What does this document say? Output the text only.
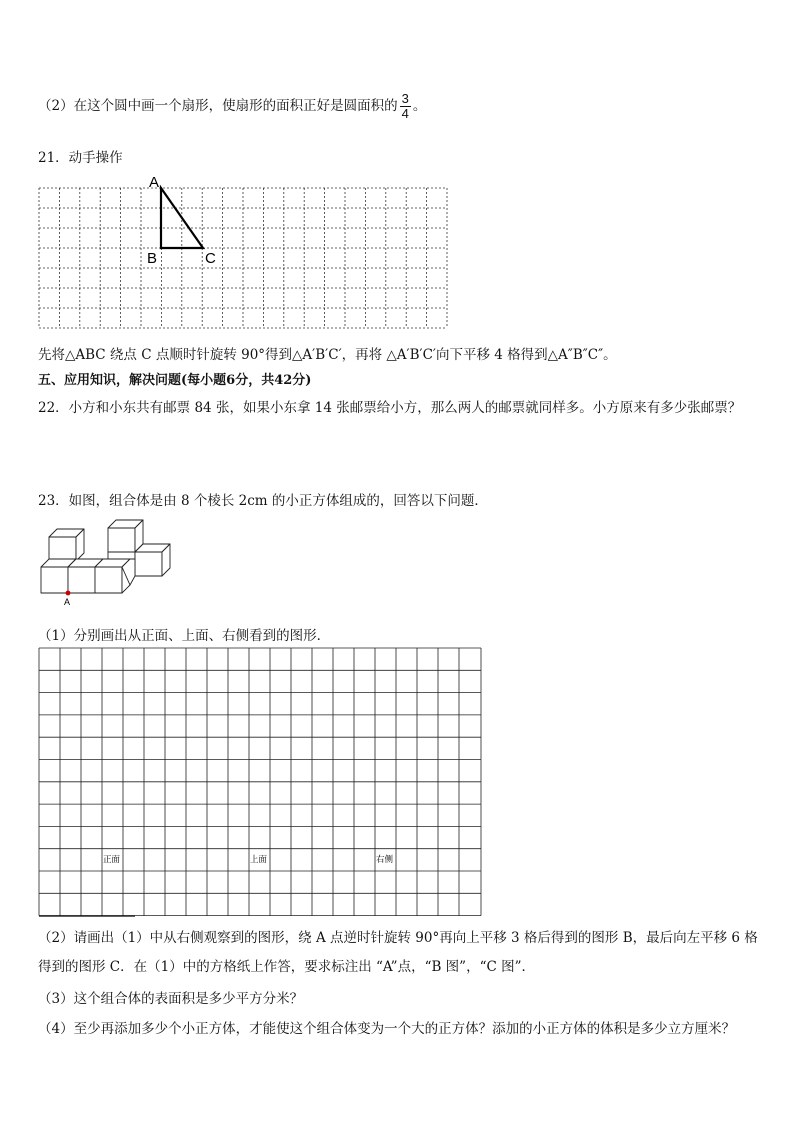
（2）在这个圆中画一个扇形，使扇形的面积正好是圆面积的 $\frac{3}{4}$ 。
21．动手操作
A
B	C
先将△ABC 绕点 C 点顺时针旋转 90°得到△A′B′C′，再将 △A′B′C′向下平移 4 格得到△A″B″C″。
五、应用知识，解决问题(每小题6分，共42分)
22．小方和小东共有邮票 84 张，如果小东拿 14 张邮票给小方，那么两人的邮票就同样多。小方原来有多少张邮票？
23．如图，组合体是由 8 个棱长 2cm 的小正方体组成的，回答以下问题．
A
（1）分别画出从正面、上面、右侧看到的图形．
正面	上面	右侧
（2）请画出（1）中从右侧观察到的图形，绕 A 点逆时针旋转 90°再向上平移 3 格后得到的图形 B，最后向左平移 6 格
得到的图形 C．在（1）中的方格纸上作答，要求标注出 “A”点，“B 图”，“C 图”．
（3）这个组合体的表面积是多少平方分米？
（4）至少再添加多少个小正方体，才能使这个组合体变为一个大的正方体？添加的小正方体的体积是多少立方厘米？
